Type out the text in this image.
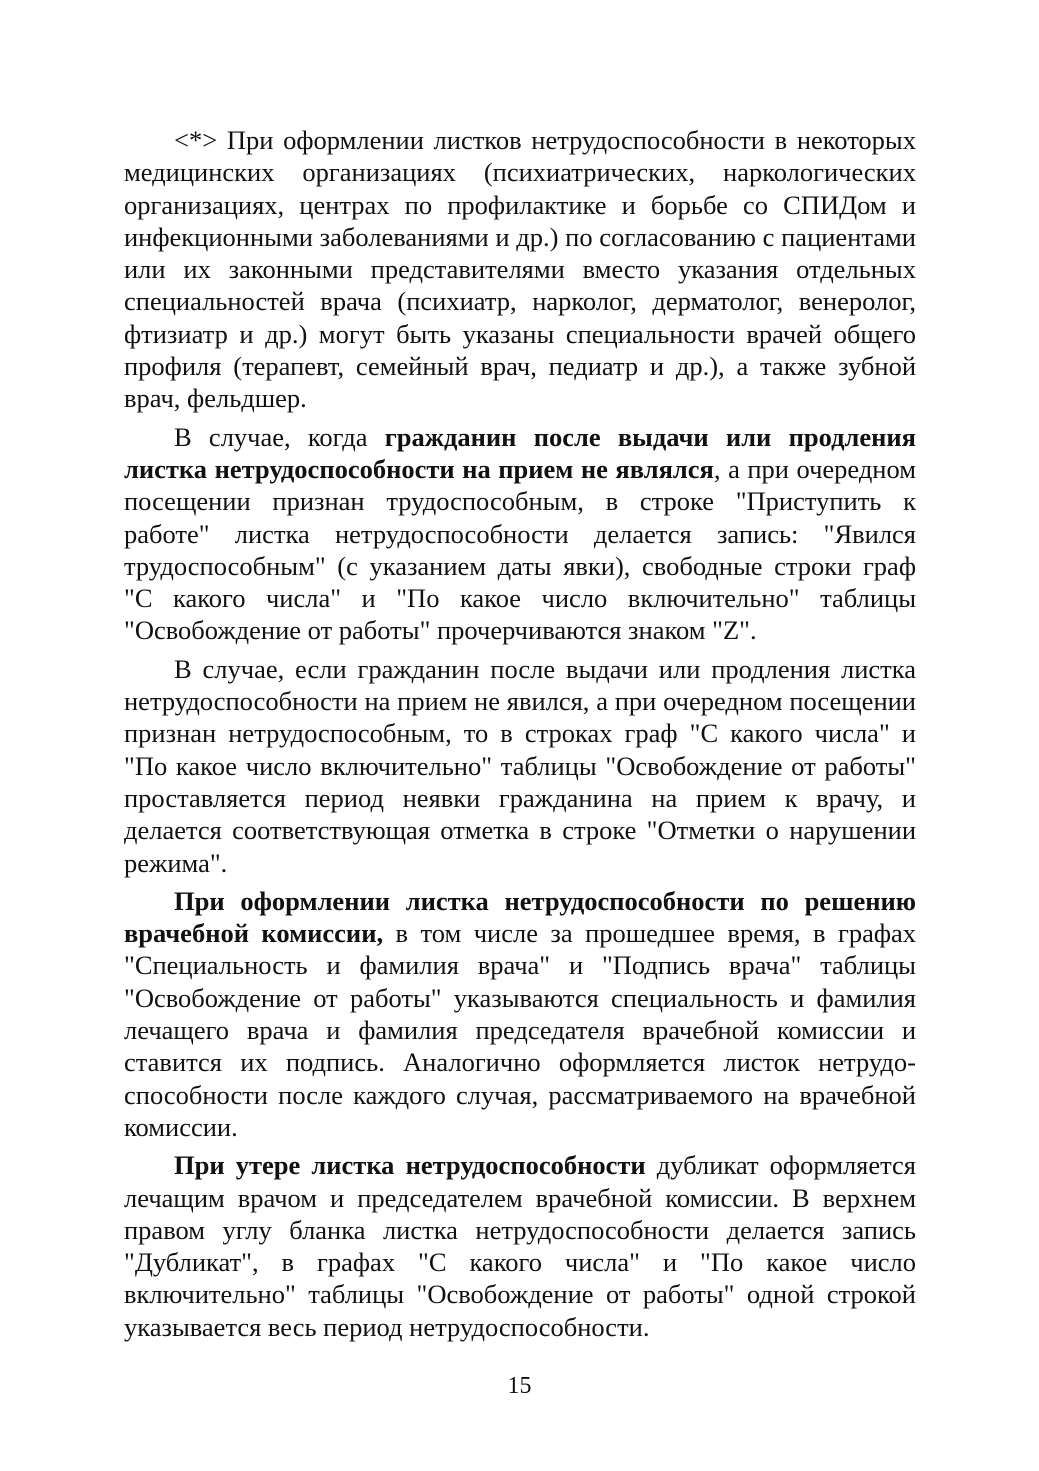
<*> При оформлении листков нетрудоспособности в некоторых медицинских организациях (психиатрических, наркологических организациях, центрах по профилактике и борьбе со СПИДом и инфекционными заболеваниями и др.) по согласованию с пациентами или их законными представителями вместо указания отдельных специальностей врача (психиатр, нарколог, дерматолог, венеролог, фтизиатр и др.) могут быть указаны специальности врачей общего профиля (терапевт, семейный врач, педиатр и др.), а также зубной врач, фельдшер.

В случае, когда гражданин после выдачи или продления листка нетрудоспособности на прием не являлся, а при очередном посещении признан трудоспособным, в строке "Приступить к работе" листка нетрудоспособности делается запись: "Явился трудоспособным" (с указанием даты явки), свободные строки граф "С какого числа" и "По какое число включительно" таблицы "Освобождение от работы" прочерчиваются знаком "Z".

В случае, если гражданин после выдачи или продления листка нетрудоспособности на прием не явился, а при очередном посещении признан нетрудоспособным, то в строках граф "С какого числа" и "По какое число включительно" таблицы "Освобождение от работы" проставляется период неявки гражданина на прием к врачу, и делается соответствующая отметка в строке "Отметки о нарушении режима".

При оформлении листка нетрудоспособности по решению врачебной комиссии, в том числе за прошедшее время, в графах "Специальность и фамилия врача" и "Подпись врача" таблицы "Освобождение от работы" указываются специальность и фамилия лечащего врача и фамилия председателя врачебной комиссии и ставится их подпись. Аналогично оформляется листок нетрудоспособности после каждого случая, рассматриваемого на врачебной комиссии.

При утере листка нетрудоспособности дубликат оформляется лечащим врачом и председателем врачебной комиссии. В верхнем правом углу бланка листка нетрудоспособности делается запись "Дубликат", в графах "С какого числа" и "По какое число включительно" таблицы "Освобождение от работы" одной строкой указывается весь период нетрудоспособности.

15
